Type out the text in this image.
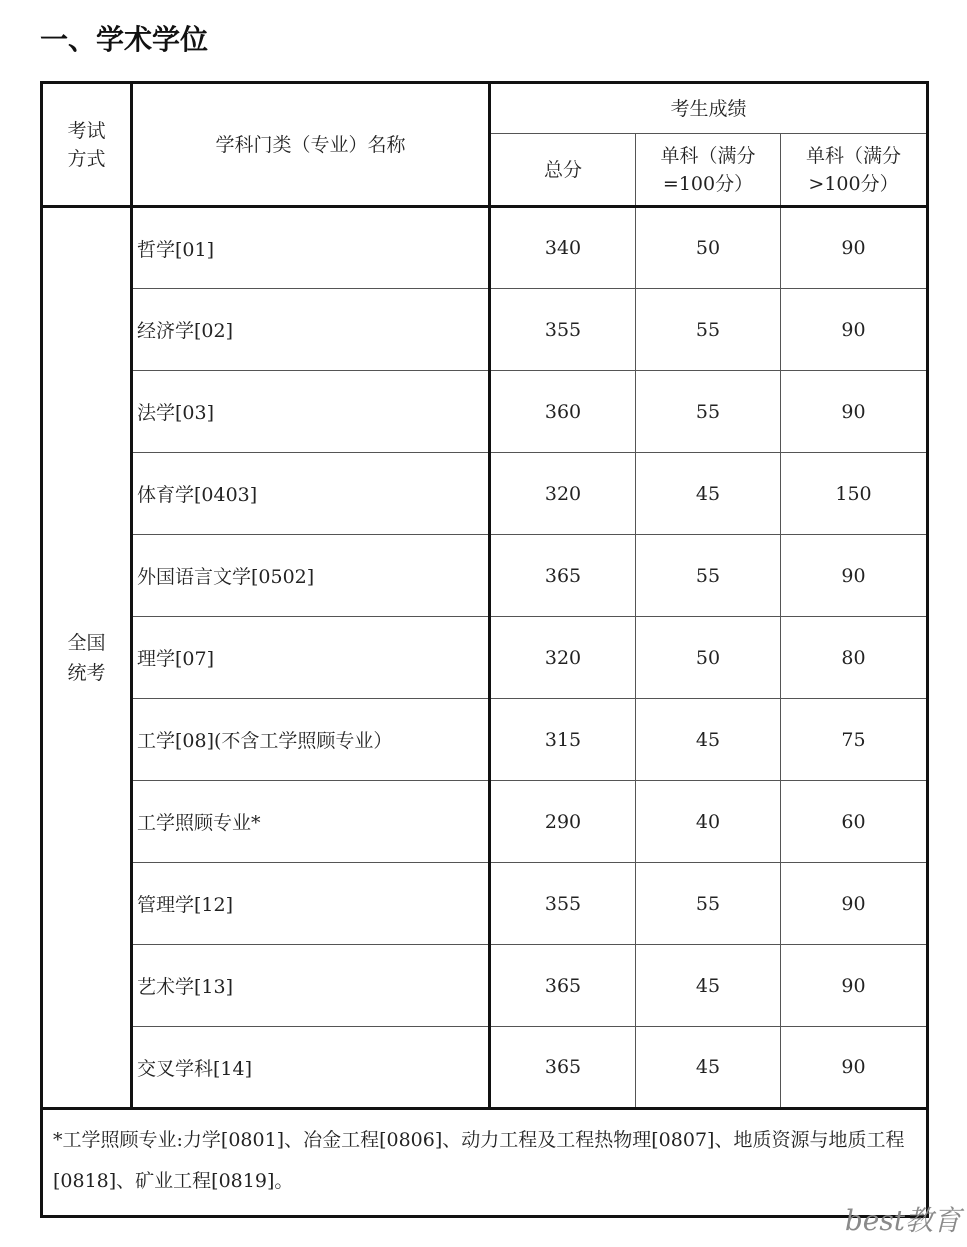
一、学术学位
考试方式	学科门类（专业）名称	考生成绩		
		总分	单科（满分=100分）	单科（满分>100分）

全国统考	哲学[01]	340	50	90
	经济学[02]	355	55	90
	法学[03]	360	55	90
	体育学[0403]	320	45	150
	外国语言文学[0502]	365	55	90
	理学[07]	320	50	80
	工学[08](不含工学照顾专业）	315	45	75
	工学照顾专业*	290	40	60
	管理学[12]	355	55	90
	艺术学[13]	365	45	90
	交叉学科[14]	365	45	90
*工学照顾专业:力学[0801]、冶金工程[0806]、动力工程及工程热物理[0807]、地质资源与地质工程[0818]、矿业工程[0819]。				
best教育
